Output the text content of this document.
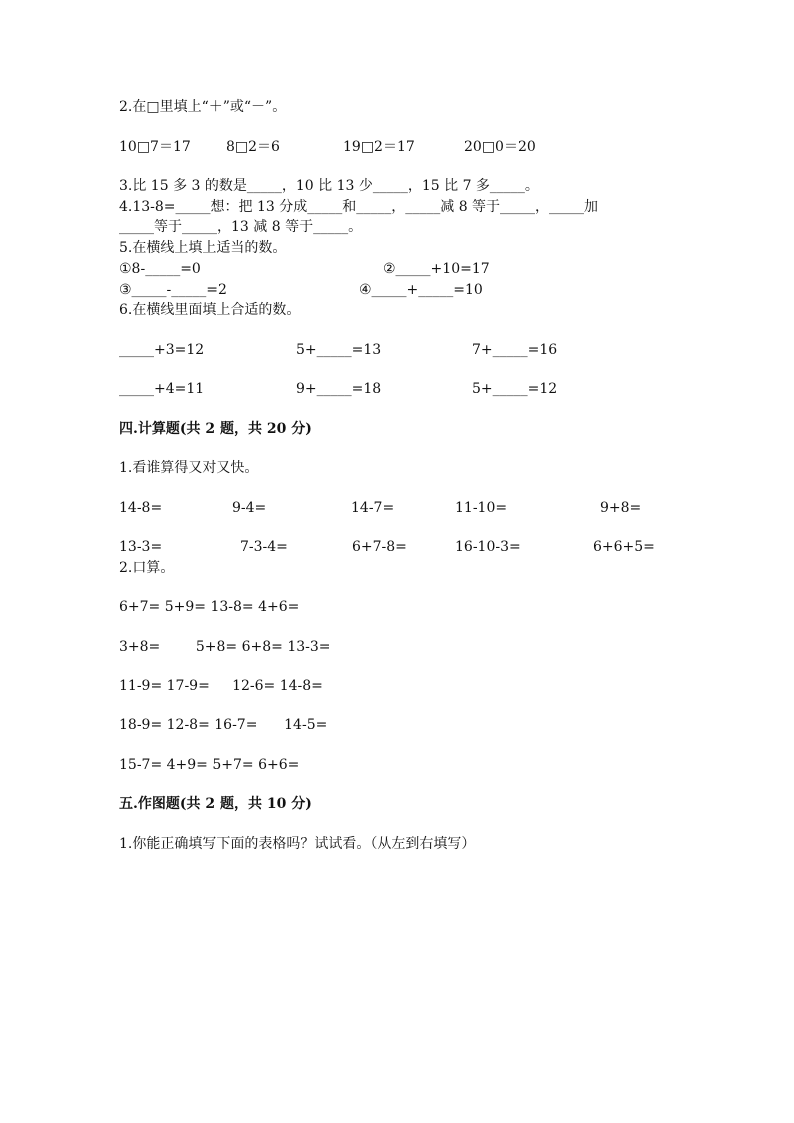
2.在□里填上“＋”或“－”。
10□7＝17	8□2＝6	19□2＝17	20□0＝20
3.比 15 多 3 的数是_____，10 比 13 少_____，15 比 7 多_____。
4.13-8=_____想：把 13 分成_____和_____，_____减 8 等于_____，_____加
_____等于_____，13 减 8 等于_____。
5.在横线上填上适当的数。
①8-_____=0	②_____+10=17
③_____-_____=2	④_____+_____=10
6.在横线里面填上合适的数。
_____+3=12	5+_____=13	7+_____=16
_____+4=11	9+_____=18	5+_____=12
四.计算题(共 2 题，共 20 分)
1.看谁算得又对又快。
14-8=	9-4=	14-7=	11-10=	9+8=
13-3=	7-3-4=	6+7-8=	16-10-3=	6+6+5=
2.口算。
6+7= 5+9= 13-8= 4+6=
3+8=        5+8= 6+8= 13-3=
11-9= 17-9=     12-6= 14-8=
18-9= 12-8= 16-7=      14-5=
15-7= 4+9= 5+7= 6+6=
五.作图题(共 2 题，共 10 分)
1.你能正确填写下面的表格吗？试试看。（从左到右填写）
